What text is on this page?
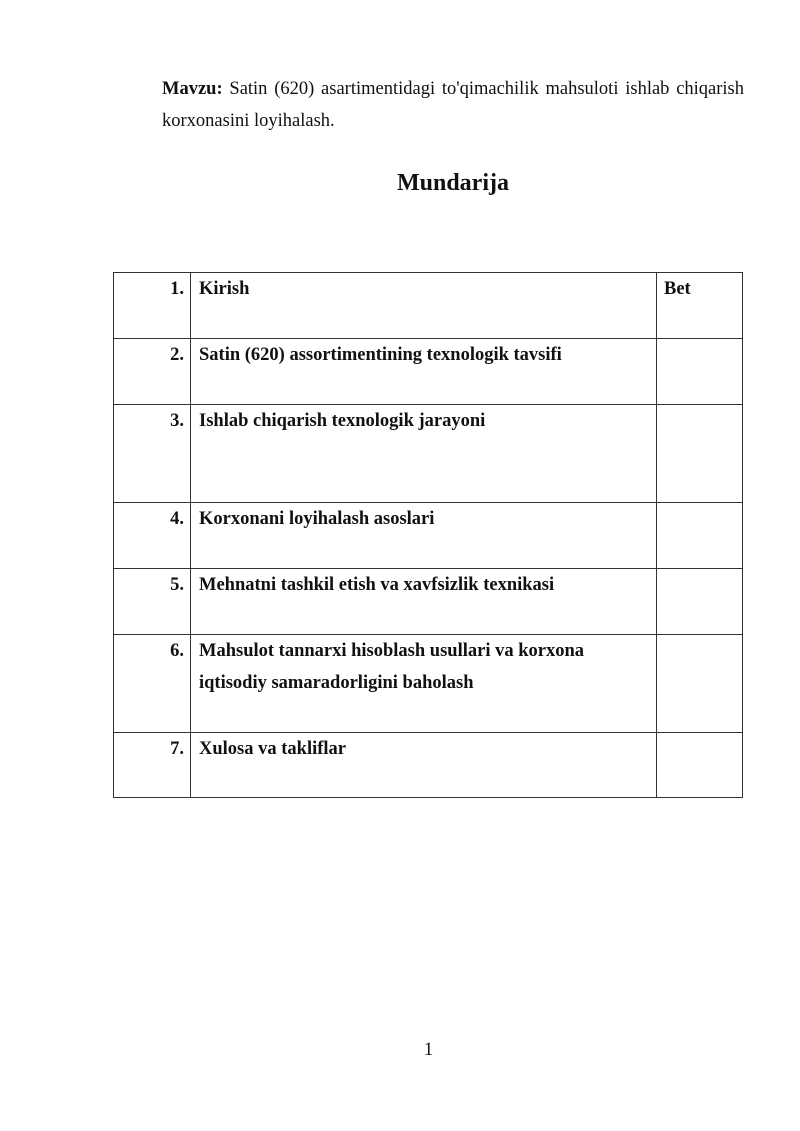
Mavzu: Satin (620) asartimentidagi to'qimachilik mahsuloti ishlab chiqarish korxonasini loyihalash.

Mundarija
1.	Kirish	Bet
2.	Satin (620) assortimentining texnologik tavsifi	
3.	Ishlab chiqarish texnologik jarayoni	
4.	Korxonani loyihalash asoslari	
5.	Mehnatni tashkil etish va xavfsizlik texnikasi	
6.	Mahsulot tannarxi hisoblash usullari va korxona iqtisodiy samaradorligini baholash	
7.	Xulosa va takliflar	
1
